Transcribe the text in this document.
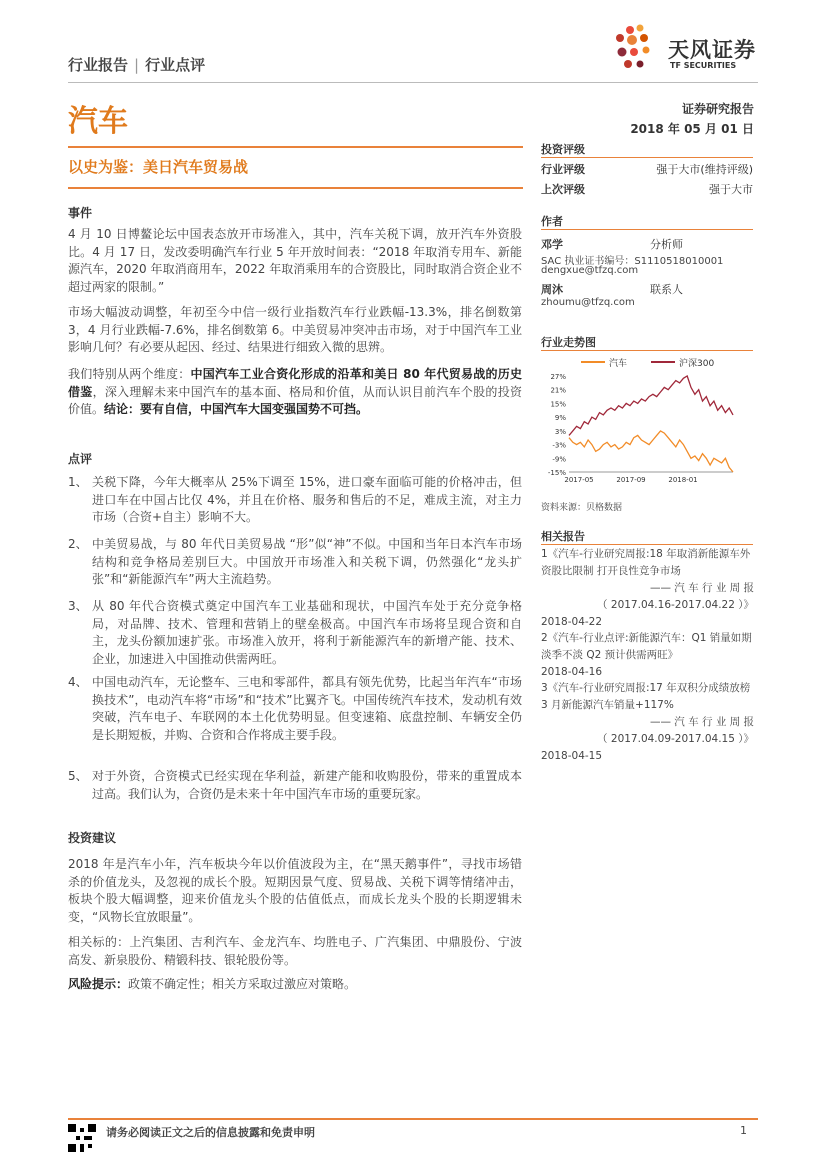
行业报告 | 行业点评
天风证券
TF SECURITIES
汽车	证券研究报告
2018 年 05 月 01 日
以史为鉴：美日汽车贸易战
事件
4 月 10 日博鳌论坛中国表态放开市场准入，其中，汽车关税下调，放开汽车外资股比。4 月 17 日，发改委明确汽车行业 5 年开放时间表：“2018 年取消专用车、新能源汽车，2020 年取消商用车，2022 年取消乘用车的合资股比，同时取消合资企业不超过两家的限制。”
市场大幅波动调整，年初至今中信一级行业指数汽车行业跌幅-13.3%，排名倒数第 3，4 月行业跌幅-7.6%，排名倒数第 6。中美贸易冲突冲击市场，对于中国汽车工业影响几何？有必要从起因、经过、结果进行细致入微的思辨。
我们特别从两个维度：中国汽车工业合资化形成的沿革和美日 80 年代贸易战的历史借鉴，深入理解未来中国汽车的基本面、格局和价值，从而认识目前汽车个股的投资价值。结论：要有自信，中国汽车大国变强国势不可挡。
点评
1、 关税下降，今年大概率从 25%下调至 15%，进口豪车面临可能的价格冲击，但进口车在中国占比仅 4%，并且在价格、服务和售后的不足，难成主流，对主力市场（合资+自主）影响不大。
2、 中美贸易战，与 80 年代日美贸易战 “形”似“神”不似。中国和当年日本汽车市场结构和竞争格局差别巨大。中国放开市场准入和关税下调，仍然强化“龙头扩张”和“新能源汽车”两大主流趋势。
3、 从 80 年代合资模式奠定中国汽车工业基础和现状，中国汽车处于充分竞争格局，对品牌、技术、管理和营销上的壁垒极高。中国汽车市场将呈现合资和自主，龙头份额加速扩张。市场准入放开，将利于新能源汽车的新增产能、技术、企业，加速进入中国推动供需两旺。
4、 中国电动汽车，无论整车、三电和零部件，都具有领先优势，比起当年汽车“市场换技术”，电动汽车将“市场”和“技术”比翼齐飞。中国传统汽车技术，发动机有效突破，汽车电子、车联网的本土化优势明显。但变速箱、底盘控制、车辆安全仍是长期短板，并购、合资和合作将成主要手段。
5、 对于外资，合资模式已经实现在华利益，新建产能和收购股份，带来的重置成本过高。我们认为，合资仍是未来十年中国汽车市场的重要玩家。
投资建议
2018 年是汽车小年，汽车板块今年以价值波段为主，在“黑天鹅事件”，寻找市场错杀的价值龙头，及忽视的成长个股。短期因景气度、贸易战、关税下调等情绪冲击，板块个股大幅调整，迎来价值龙头个股的估值低点，而成长龙头个股的长期逻辑未变，“风物长宜放眼量”。
相关标的：上汽集团、吉利汽车、金龙汽车、均胜电子、广汽集团、中鼎股份、宁波高发、新泉股份、精锻科技、银轮股份等。
风险提示：政策不确定性；相关方采取过激应对策略。
投资评级
行业评级	强于大市(维持评级)
上次评级	强于大市
作者
邓学	分析师
SAC 执业证书编号：S1110518010001
dengxue@tfzq.com
周沐	联系人
zhoumu@tfzq.com
行业走势图
汽车	沪深300
27%
21%
15%
9%
3%
-3%
-9%
-15%
2017-05	2017-09	2018-01
资料来源：贝格数据
相关报告
1《汽车-行业研究周报:18 年取消新能源车外资股比限制 打开良性竞争市场
—— 汽 车 行 业 周 报
（ 2017.04.16-2017.04.22 ）》
2018-04-22
2《汽车-行业点评:新能源汽车：Q1 销量如期淡季不淡 Q2 预计供需两旺》
2018-04-16
3《汽车-行业研究周报:17 年双积分成绩放榜 3 月新能源汽车销量+117%
—— 汽 车 行 业 周 报
（ 2017.04.09-2017.04.15 ）》
2018-04-15
请务必阅读正文之后的信息披露和免责申明	1
